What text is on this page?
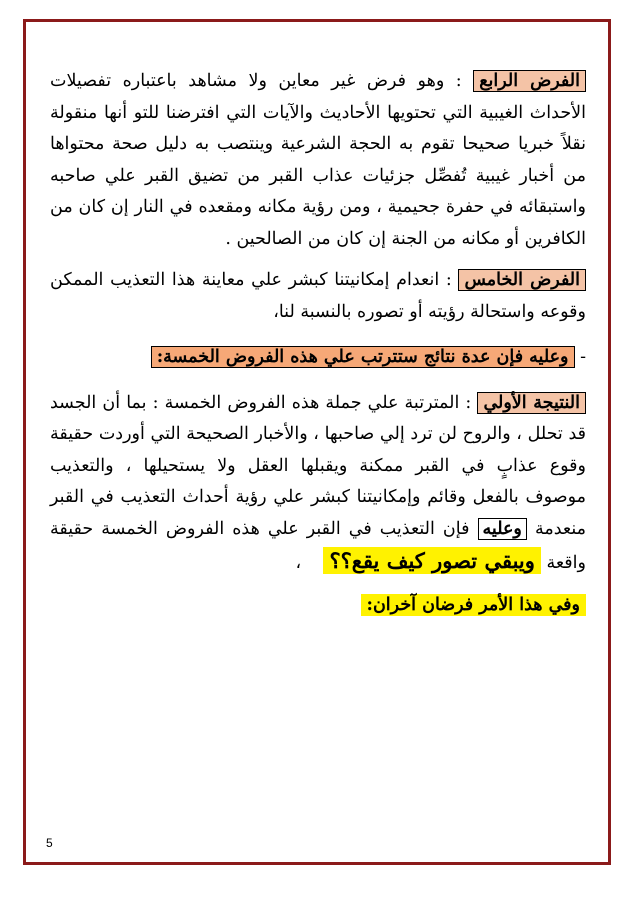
الفرض الرابع : وهو فرض غير معاين ولا مشاهد باعتباره تفصيلات الأحداث الغيبية التي تحتويها الأحاديث والآيات التي افترضنا للتو أنها منقولة نقلاً خبريا صحيحا تقوم به الحجة الشرعية وينتصب به دليل صحة محتواها من أخبار غيبية تُفصِّل جزئيات عذاب القبر من تضيق القبر علي صاحبه واستبقائه في حفرة جحيمية ، ومن رؤية مكانه ومقعده في النار إن كان من الكافرين أو مكانه من الجنة إن كان من الصالحين .

الفرض الخامس : انعدام إمكانيتنا كبشر علي معاينة هذا التعذيب الممكن وقوعه واستحالة رؤيته أو تصوره بالنسبة لنا،

- وعليه فإن عدة نتائج ستترتب علي هذه الفروض الخمسة:

النتيجة الأولي : المترتبة علي جملة هذه الفروض الخمسة : بما أن الجسد قد تحلل ، والروح لن ترد إلي صاحبها ، والأخبار الصحيحة التي أوردت حقيقة وقوع عذابٍ في القبر ممكنة ويقبلها العقل ولا يستحيلها ، والتعذيب موصوف بالفعل وقائم وإمكانيتنا كبشر علي رؤية أحداث التعذيب في القبر منعدمة وعليه فإن التعذيب في القبر علي هذه الفروض الخمسة حقيقة واقعة ويبقي تصور كيف يقع؟؟    ،

وفي هذا الأمر فرضان آخران:

5
